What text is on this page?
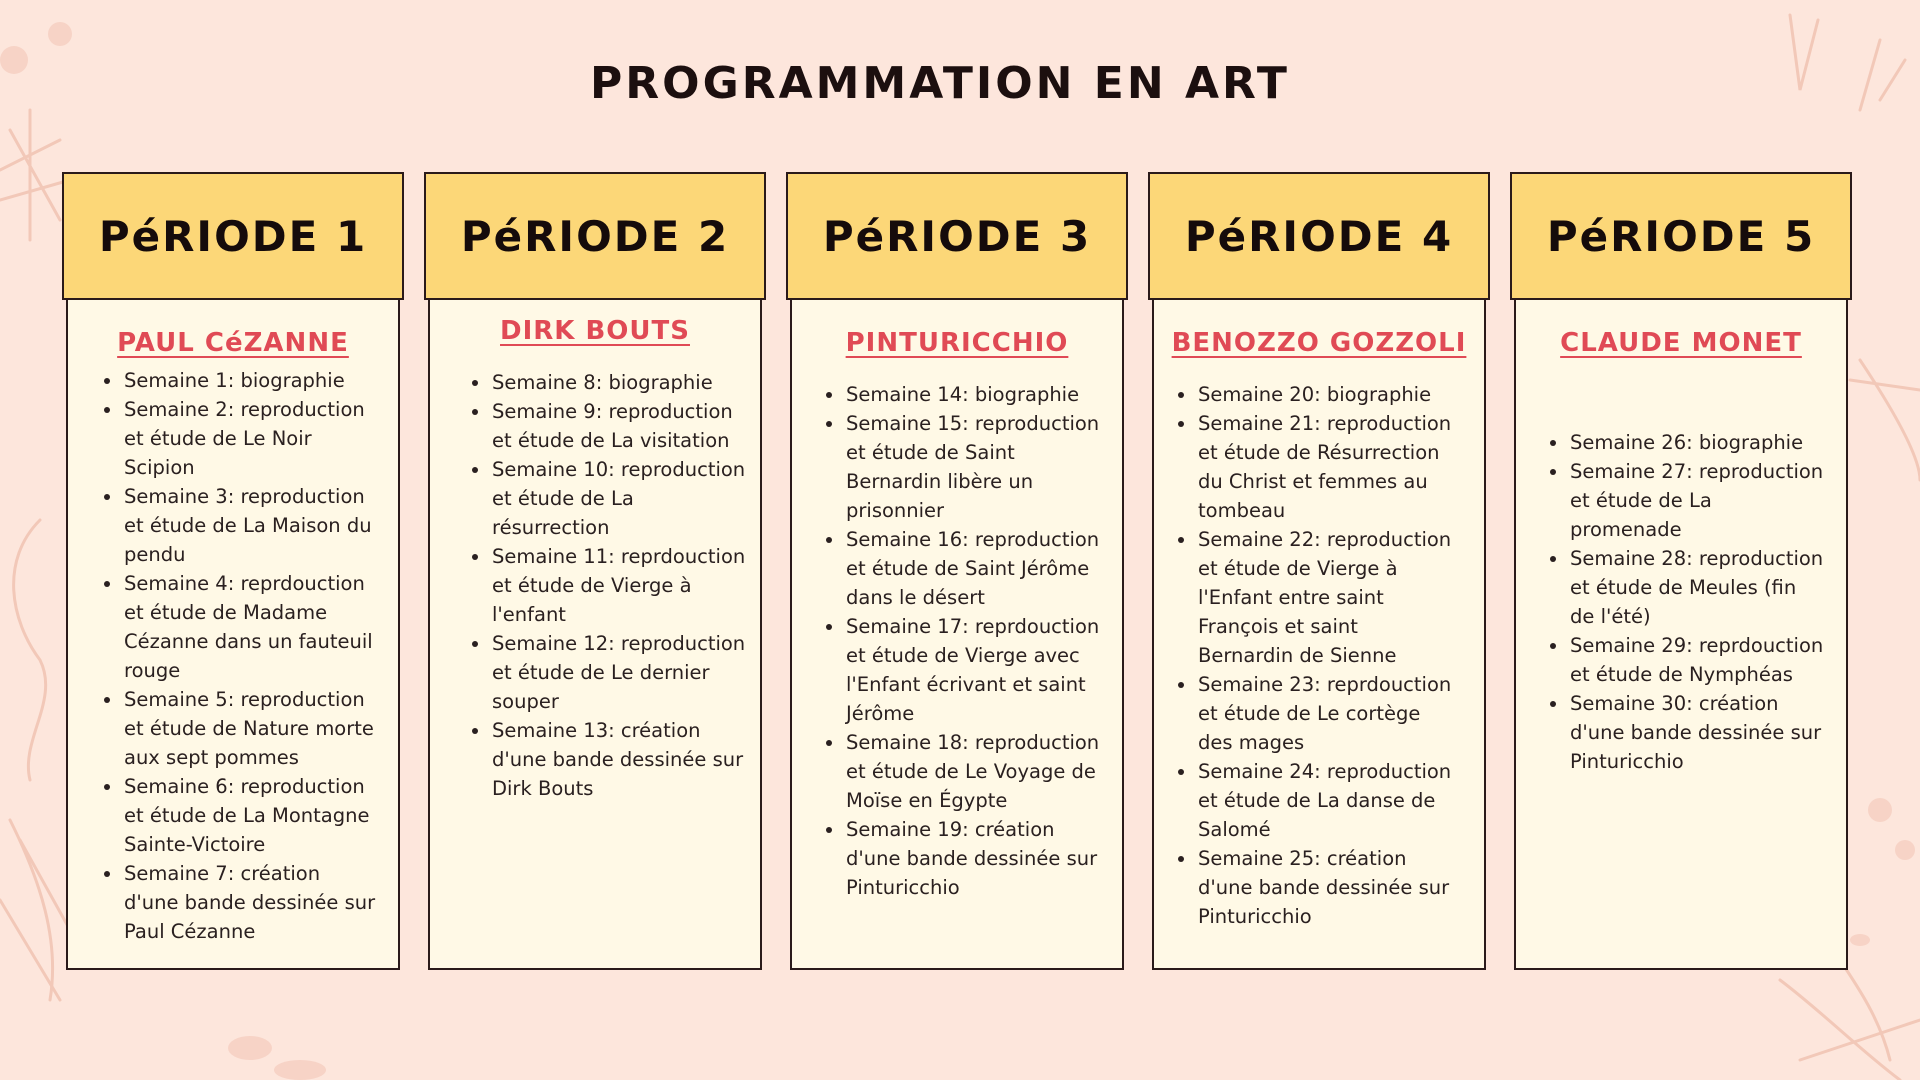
PROGRAMMATION EN ART
PéRIODE 1
PAUL CéZANNE
Semaine 1: biographie
Semaine 2: reproduction et étude de Le Noir Scipion
Semaine 3: reproduction et étude de La Maison du pendu
Semaine 4: reprdouction et étude de Madame Cézanne dans un fauteuil rouge
Semaine 5: reproduction et étude de Nature morte aux sept pommes
Semaine 6: reproduction et étude de La Montagne Sainte-Victoire
Semaine 7: création d'une bande dessinée sur Paul Cézanne
PéRIODE 2
DIRK BOUTS
Semaine 8: biographie
Semaine 9: reproduction et étude de La visitation
Semaine 10: reproduction et étude de La résurrection
Semaine 11: reprdouction et étude de Vierge à l'enfant
Semaine 12: reproduction et étude de Le dernier souper
Semaine 13: création d'une bande dessinée sur Dirk Bouts
PéRIODE 3
PINTURICCHIO
Semaine 14: biographie
Semaine 15: reproduction et étude de Saint Bernardin libère un prisonnier
Semaine 16: reproduction et étude de Saint Jérôme dans le désert
Semaine 17: reprdouction et étude de Vierge avec l'Enfant écrivant et saint Jérôme
Semaine 18: reproduction et étude de Le Voyage de Moïse en Égypte
Semaine 19: création d'une bande dessinée sur Pinturicchio
PéRIODE 4
BENOZZO GOZZOLI
Semaine 20: biographie
Semaine 21: reproduction et étude de Résurrection du Christ et femmes au tombeau
Semaine 22: reproduction et étude de Vierge à l'Enfant entre saint François et saint Bernardin de Sienne
Semaine 23: reprdouction et étude de Le cortège des mages
Semaine 24: reproduction et étude de La danse de Salomé
Semaine 25: création d'une bande dessinée sur Pinturicchio
PéRIODE 5
CLAUDE MONET
Semaine 26: biographie
Semaine 27: reproduction et étude de La promenade
Semaine 28: reproduction et étude de Meules (fin de l'été)
Semaine 29: reprdouction et étude de Nymphéas
Semaine 30: création d'une bande dessinée sur Pinturicchio
